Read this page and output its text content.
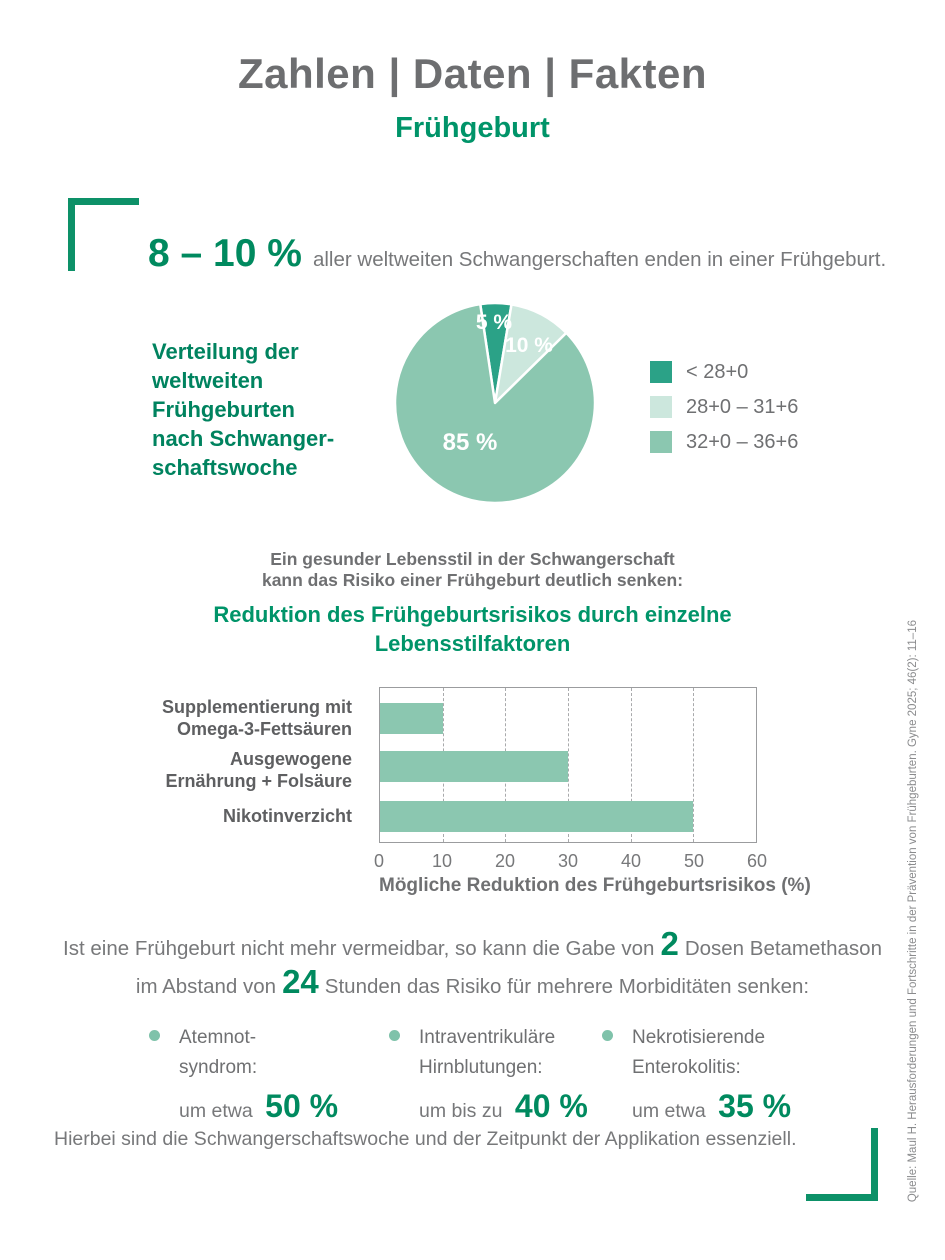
Zahlen | Daten | Fakten
Frühgeburt
8 – 10 % aller weltweiten Schwangerschaften enden in einer Frühgeburt.
Verteilung der
weltweiten
Frühgeburten
nach Schwanger-
schaftswoche
5 %
10 %
85 %
< 28+0
28+0 – 31+6
32+0 – 36+6
Ein gesunder Lebensstil in der Schwangerschaft
kann das Risiko einer Frühgeburt deutlich senken:
Reduktion des Frühgeburtsrisikos durch einzelne
Lebensstilfaktoren
Supplementierung mit
Omega-3-Fettsäuren
Ausgewogene
Ernährung + Folsäure
Nikotinverzicht
0	10 20 30 40 50 60
Mögliche Reduktion des Frühgeburtsrisikos (%)
Ist eine Frühgeburt nicht mehr vermeidbar, so kann die Gabe von 2 Dosen Betamethason
im Abstand von 24 Stunden das Risiko für mehrere Morbiditäten senken:
Atemnot-
syndrom:
um etwa 50 %
Intraventrikuläre
Hirnblutungen:
um bis zu 40 %
Nekrotisierende
Enterokolitis:
um etwa 35 %
Hierbei sind die Schwangerschaftswoche und der Zeitpunkt der Applikation essenziell.	Quelle: Maul H. Herausforderungen und Fortschritte in der Prävention von Frühgeburten. Gyne 2025; 46(2): 11–16
